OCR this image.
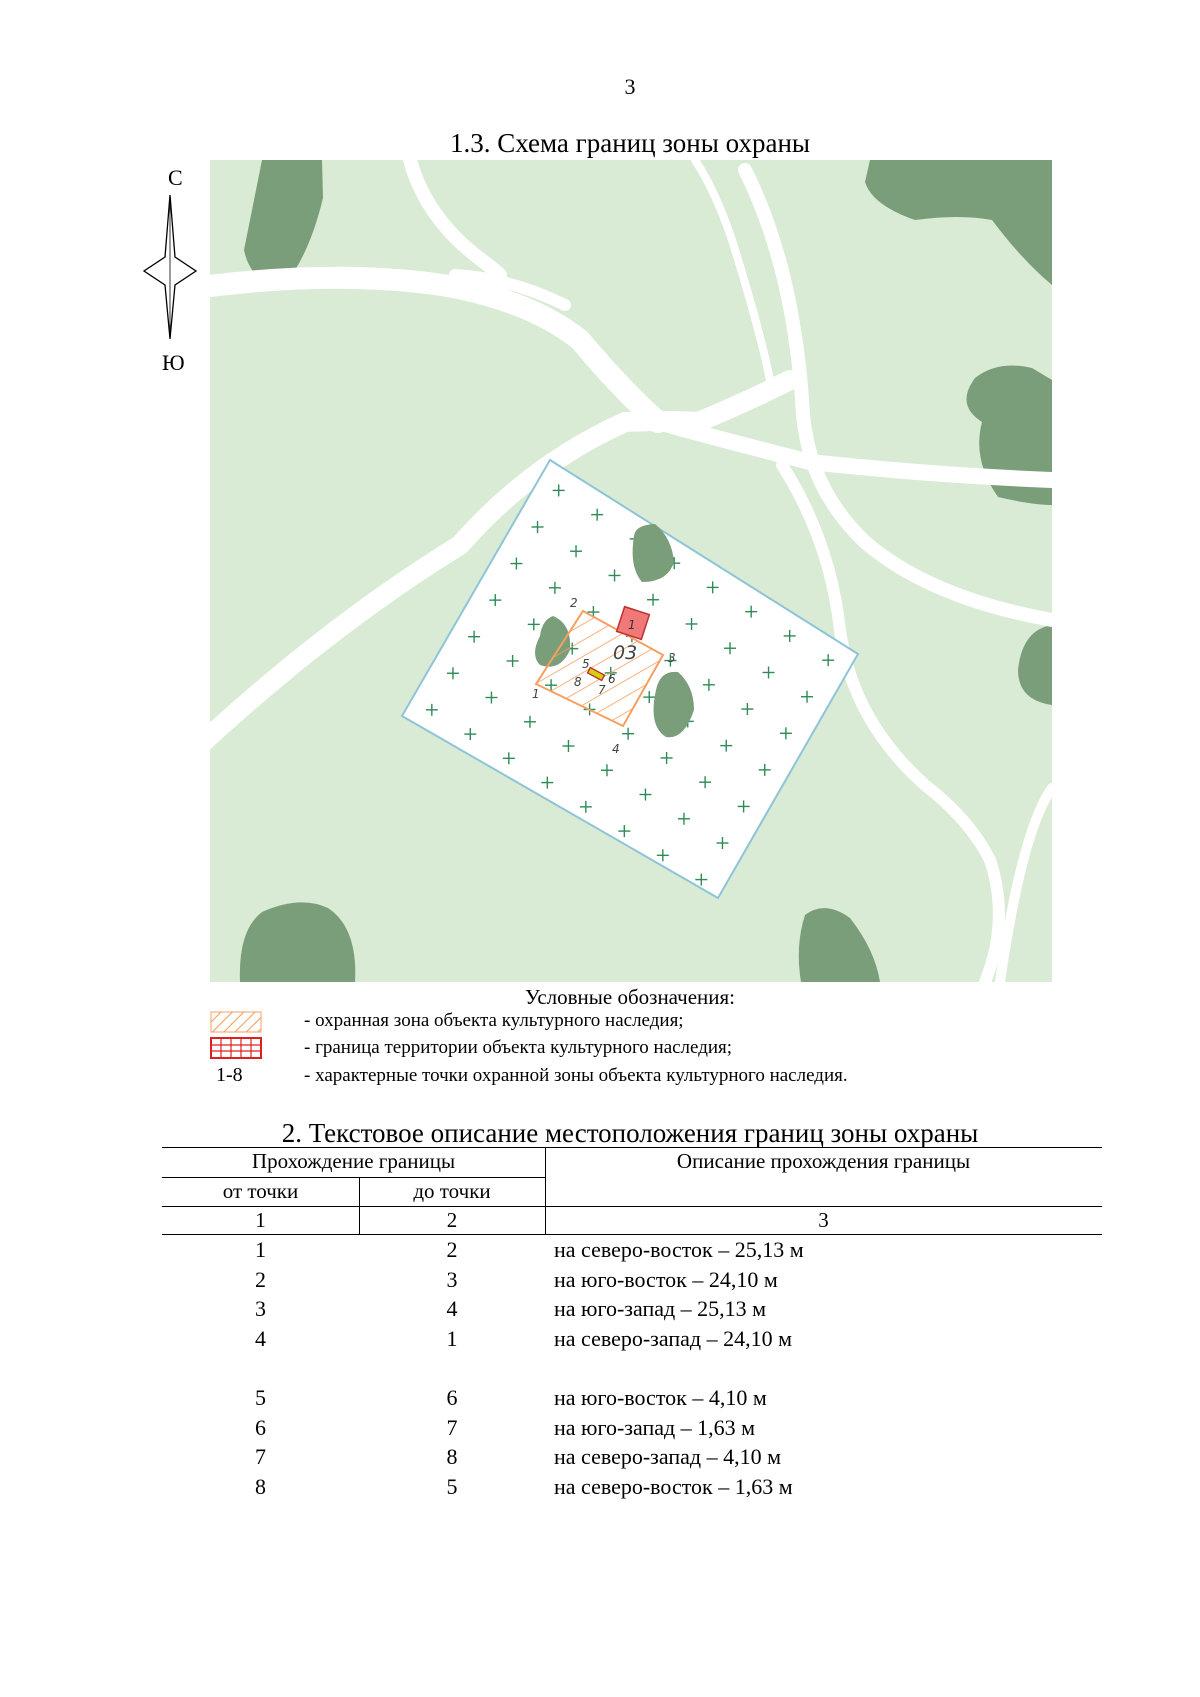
3
1.3. Схема границ зоны охраны
С
Ю
1
03
1
2
3
4
5
6
7
8
Условные обозначения:
- охранная зона объекта культурного наследия;
- граница территории объекта культурного наследия;
1-8	- характерные точки охранной зоны объекта культурного наследия.
2. Текстовое описание местоположения границ зоны охраны
Прохождение границы
от точки	до точки
Описание прохождения границы
1	2	3
1	2	на северо-восток – 25,13 м
2	3	на юго-восток – 24,10 м
3	4	на юго-запад – 25,13 м
4	1	на северо-запад – 24,10 м
5	6	на юго-восток – 4,10 м
6	7	на юго-запад – 1,63 м
7	8	на северо-запад – 4,10 м
8	5	на северо-восток – 1,63 м
